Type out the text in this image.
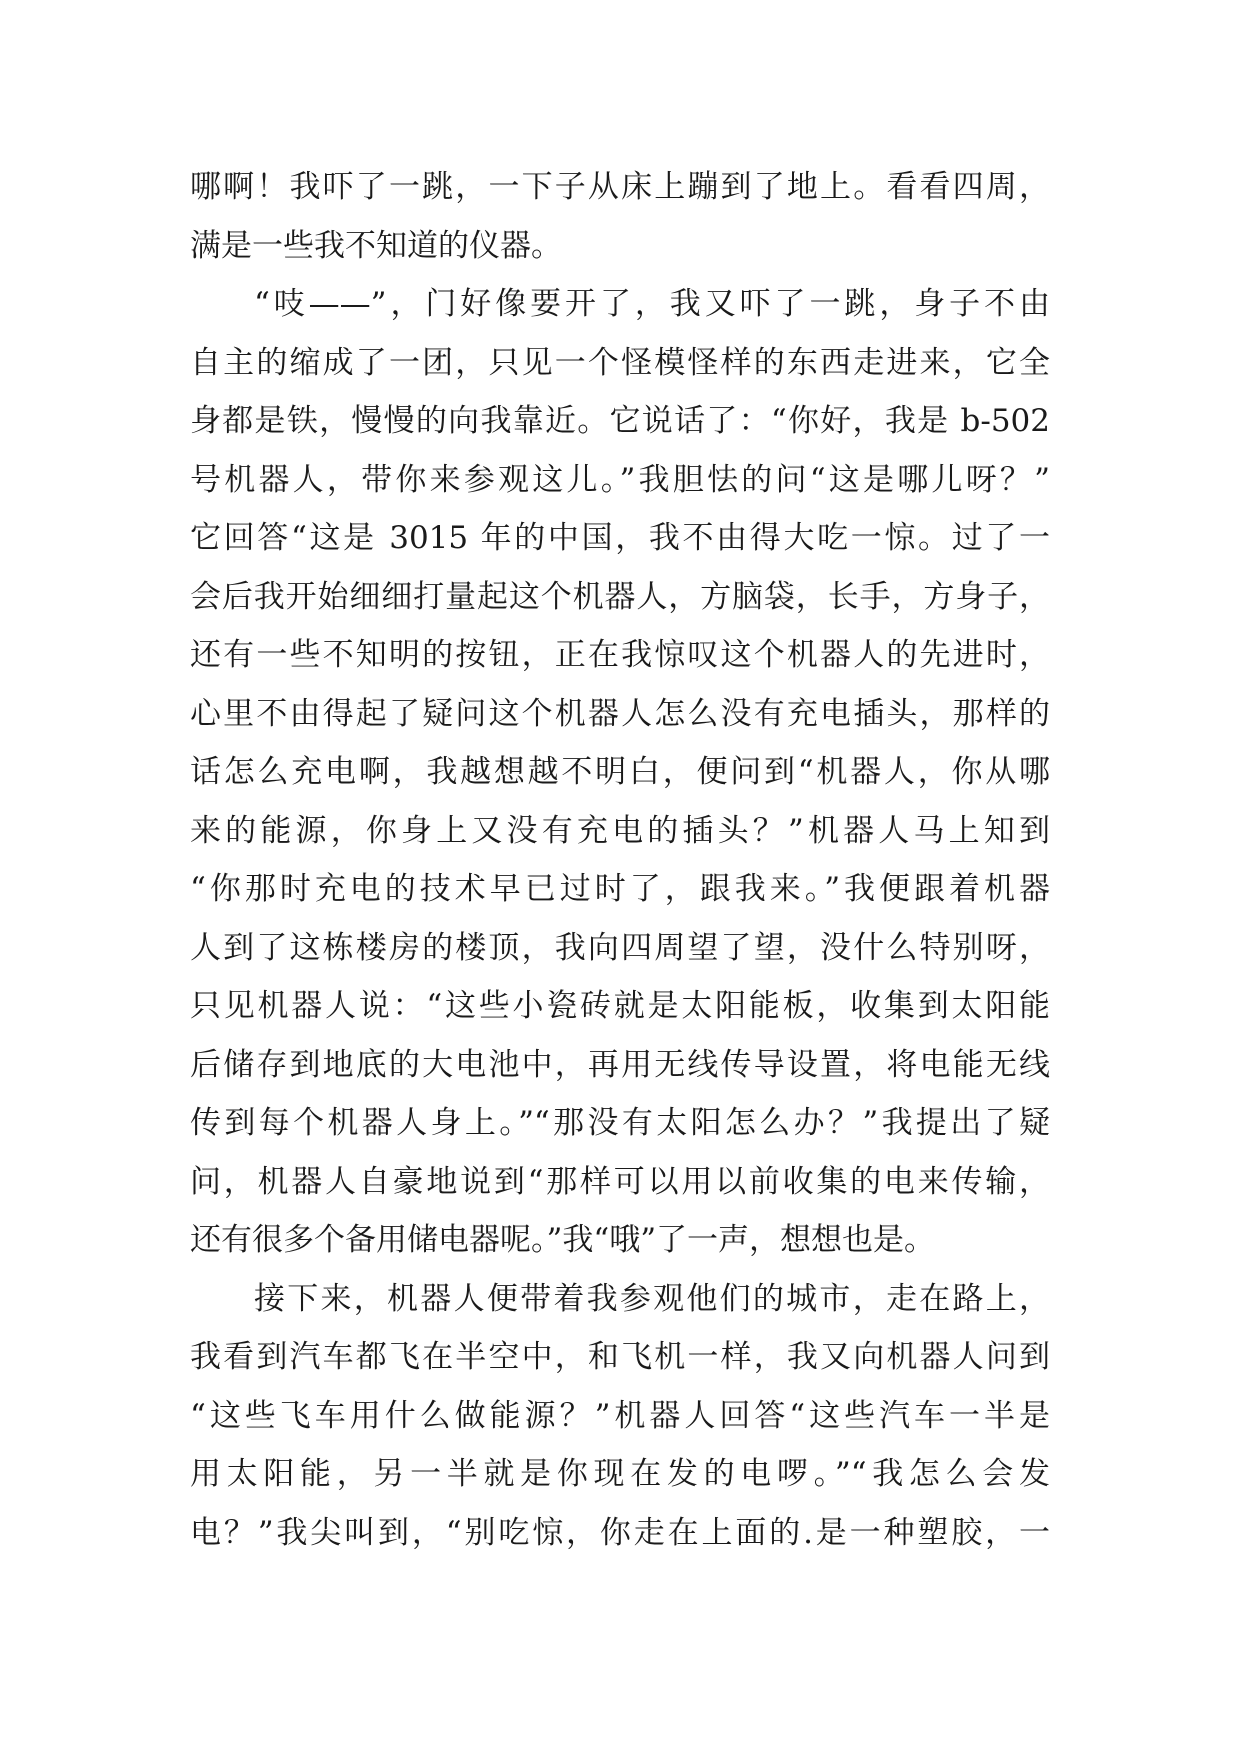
哪啊！我吓了一跳，一下子从床上蹦到了地上。看看四周，
满是一些我不知道的仪器。
“吱——”，门好像要开了，我又吓了一跳，身子不由
自主的缩成了一团，只见一个怪模怪样的东西走进来，它全
身都是铁，慢慢的向我靠近。它说话了：“你好，我是 b-502
号机器人，带你来参观这儿。”我胆怯的问“这是哪儿呀？”
它回答“这是 3015 年的中国，我不由得大吃一惊。过了一
会后我开始细细打量起这个机器人，方脑袋，长手，方身子，
还有一些不知明的按钮，正在我惊叹这个机器人的先进时，
心里不由得起了疑问这个机器人怎么没有充电插头，那样的
话怎么充电啊，我越想越不明白，便问到“机器人，你从哪
来的能源，你身上又没有充电的插头？”机器人马上知到
“你那时充电的技术早已过时了，跟我来。”我便跟着机器
人到了这栋楼房的楼顶，我向四周望了望，没什么特别呀，
只见机器人说：“这些小瓷砖就是太阳能板，收集到太阳能
后储存到地底的大电池中，再用无线传导设置，将电能无线
传到每个机器人身上。”“那没有太阳怎么办？”我提出了疑
问，机器人自豪地说到“那样可以用以前收集的电来传输，
还有很多个备用储电器呢。”我“哦”了一声，想想也是。
接下来，机器人便带着我参观他们的城市，走在路上，
我看到汽车都飞在半空中，和飞机一样，我又向机器人问到
“这些飞车用什么做能源？”机器人回答“这些汽车一半是
用太阳能，另一半就是你现在发的电啰。”“我怎么会发
电？”我尖叫到，“别吃惊，你走在上面的.是一种塑胶，一
